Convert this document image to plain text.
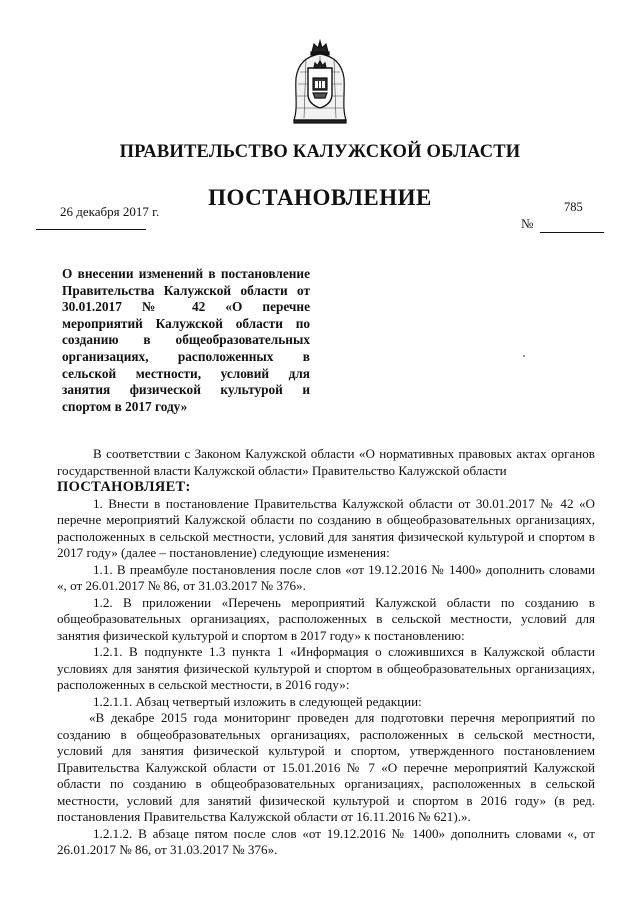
ПРАВИТЕЛЬСТВО КАЛУЖСКОЙ ОБЛАСТИ
ПОСТАНОВЛЕНИЕ
26 декабря 2017 г.
№
785
О внесении изменений в постановление Правительства Калужской области от 30.01.2017 № 42 «О перечне мероприятий Калужской области по созданию в общеобразовательных организациях, расположенных в сельской местности, условий для занятия физической культурой и спортом в 2017 году»

В соответствии с Законом Калужской области «О нормативных правовых актах органов государственной власти Калужской области» Правительство Калужской области

ПОСТАНОВЛЯЕТ:

1. Внести в постановление Правительства Калужской области от 30.01.2017 № 42 «О перечне мероприятий Калужской области по созданию в общеобразовательных организациях, расположенных в сельской местности, условий для занятия физической культурой и спортом в 2017 году» (далее – постановление) следующие изменения:

1.1. В преамбуле постановления после слов «от 19.12.2016 № 1400» дополнить словами «, от 26.01.2017 № 86, от 31.03.2017 № 376».

1.2. В приложении «Перечень мероприятий Калужской области по созданию в общеобразовательных организациях, расположенных в сельской местности, условий для занятия физической культурой и спортом в 2017 году» к постановлению:

1.2.1. В подпункте 1.3 пункта 1 «Информация о сложившихся в Калужской области условиях для занятия физической культурой и спортом в общеобразовательных организациях, расположенных в сельской местности, в 2016 году»:

1.2.1.1. Абзац четвертый изложить в следующей редакции:

«В декабре 2015 года мониторинг проведен для подготовки перечня мероприятий по созданию в общеобразовательных организациях, расположенных в сельской местности, условий для занятия физической культурой и спортом, утвержденного постановлением Правительства Калужской области от 15.01.2016 № 7 «О перечне мероприятий Калужской области по созданию в общеобразовательных организациях, расположенных в сельской местности, условий для занятий физической культурой и спортом в 2016 году» (в ред. постановления Правительства Калужской области от 16.11.2016 № 621).».

1.2.1.2. В абзаце пятом после слов «от 19.12.2016 № 1400» дополнить словами «, от 26.01.2017 № 86, от 31.03.2017 № 376».
